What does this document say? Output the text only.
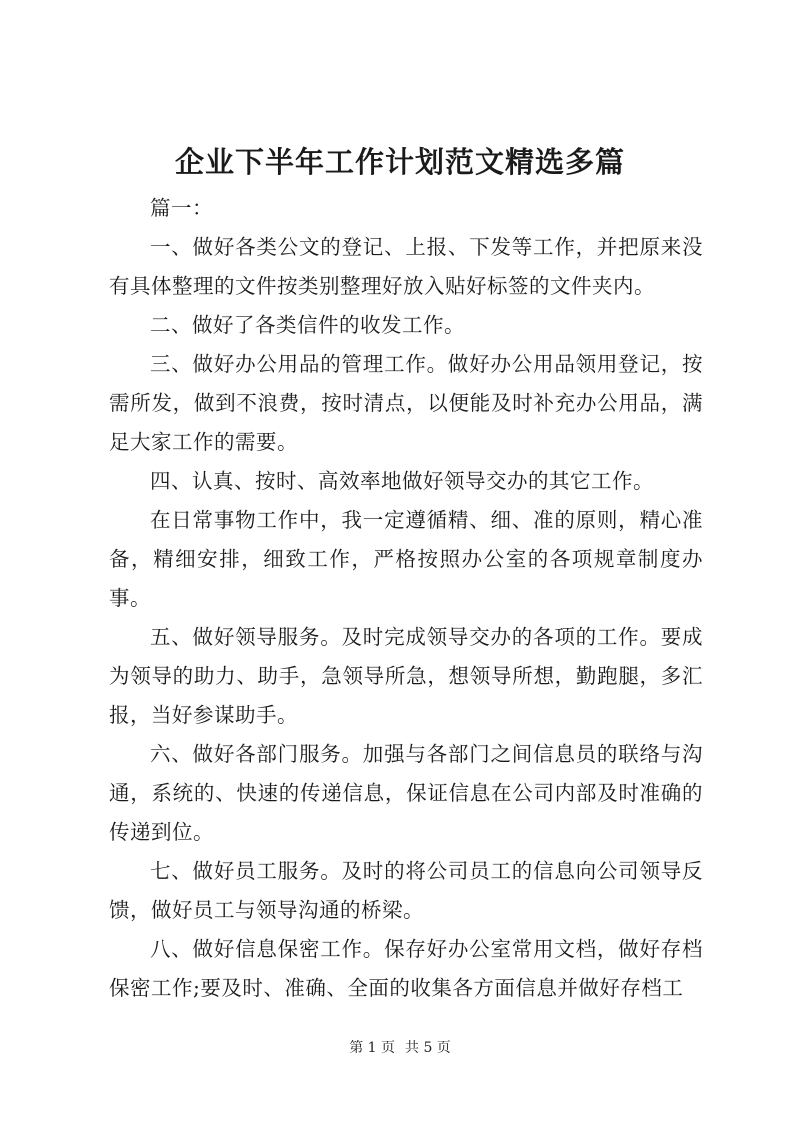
企业下半年工作计划范文精选多篇

篇一：

一、做好各类公文的登记、上报、下发等工作，并把原来没有具体整理的文件按类别整理好放入贴好标签的文件夹内。

二、做好了各类信件的收发工作。

三、做好办公用品的管理工作。做好办公用品领用登记，按需所发，做到不浪费，按时清点，以便能及时补充办公用品，满足大家工作的需要。

四、认真、按时、高效率地做好领导交办的其它工作。

在日常事物工作中，我一定遵循精、细、准的原则，精心准备，精细安排，细致工作，严格按照办公室的各项规章制度办事。

五、做好领导服务。及时完成领导交办的各项的工作。要成为领导的助力、助手，急领导所急，想领导所想，勤跑腿，多汇报，当好参谋助手。

六、做好各部门服务。加强与各部门之间信息员的联络与沟通，系统的、快速的传递信息，保证信息在公司内部及时准确的传递到位。

七、做好员工服务。及时的将公司员工的信息向公司领导反馈，做好员工与领导沟通的桥梁。

八、做好信息保密工作。保存好办公室常用文档，做好存档保密工作;要及时、准确、全面的收集各方面信息并做好存档工

第 1 页 共 5 页
